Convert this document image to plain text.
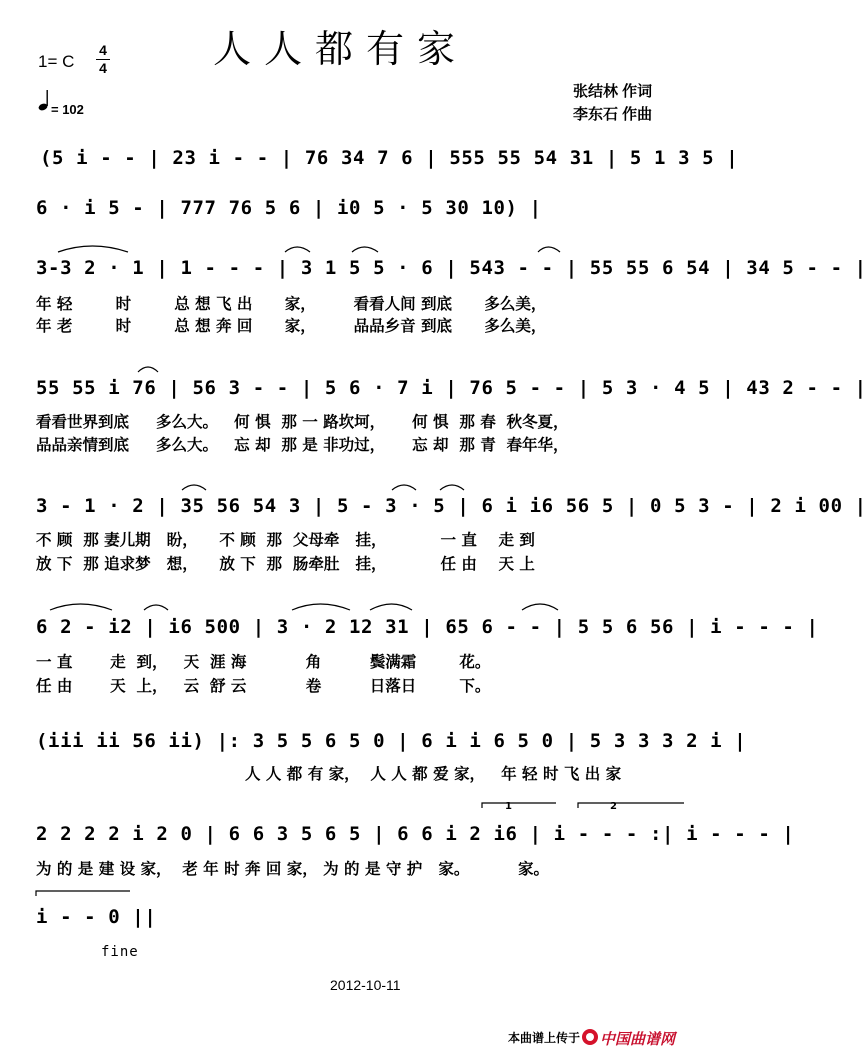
人人都有家
1= C
4
4
= 102
张结林 作词
李东石 作曲
(5 i - - | 23 i - - | 76 34 7 6 | 555 55 54 31 | 5 1 3 5 |
6 · i 5 - | 777 76 5 6 | i0 5 · 5 30 10) |
3-3 2 · 1 | 1 - - - | 3 1 5 5 · 6 | 543 - - | 55 55 6 54 | 34 5 - - |
年 轻        时        总 想 飞 出      家，       看看人间 到底      多么美，
年 老        时        总 想 奔 回      家，       品品乡音 到底      多么美，
55 55 i 76 | 56 3 - - | 5 6 · 7 i | 76 5 - - | 5 3 · 4 5 | 43 2 - - |
看看世界到底     多么大。   何 惧  那 一 路坎坷，     何 惧  那 春  秋冬夏，
品品亲情到底     多么大。   忘 却  那 是 非功过，     忘 却  那 青  春年华，
3 - 1 · 2 | 35 56 54 3 | 5 - 3 · 5 | 6 i i6 56 5 | 0 5 3 - | 2 i 00 |
不 顾  那 妻儿期   盼，    不 顾  那  父母牵   挂，          一 直    走 到
放 下  那 追求梦   想，    放 下  那  肠牵肚   挂，          任 由    天 上
6 2 - i2 | i6 500 | 3 · 2 12 31 | 65 6 - - | 5 5 6 56 | i - - - |
一 直       走  到，   天  涯 海           角         鬓满霜        花。
任 由       天  上，   云  舒 云           卷         日落日        下。
(iii ii 56 ii) |: 3 5 5 6 5 0 | 6 i i 6 5 0 | 5 3 3 3 2 i |
人 人 都 有 家，  人 人 都 爱 家，   年 轻 时 飞 出 家
1	2
2 2 2 2 i 2 0 | 6 6 3 5 6 5 | 6 6 i 2 i6 | i - - - :| i - - - |
为 的 是 建 设 家，  老 年 时 奔 回 家， 为 的 是 守 护   家。         家。
i - - 0 ||
fine
2012-10-11
本曲谱上传于 中国曲谱网
